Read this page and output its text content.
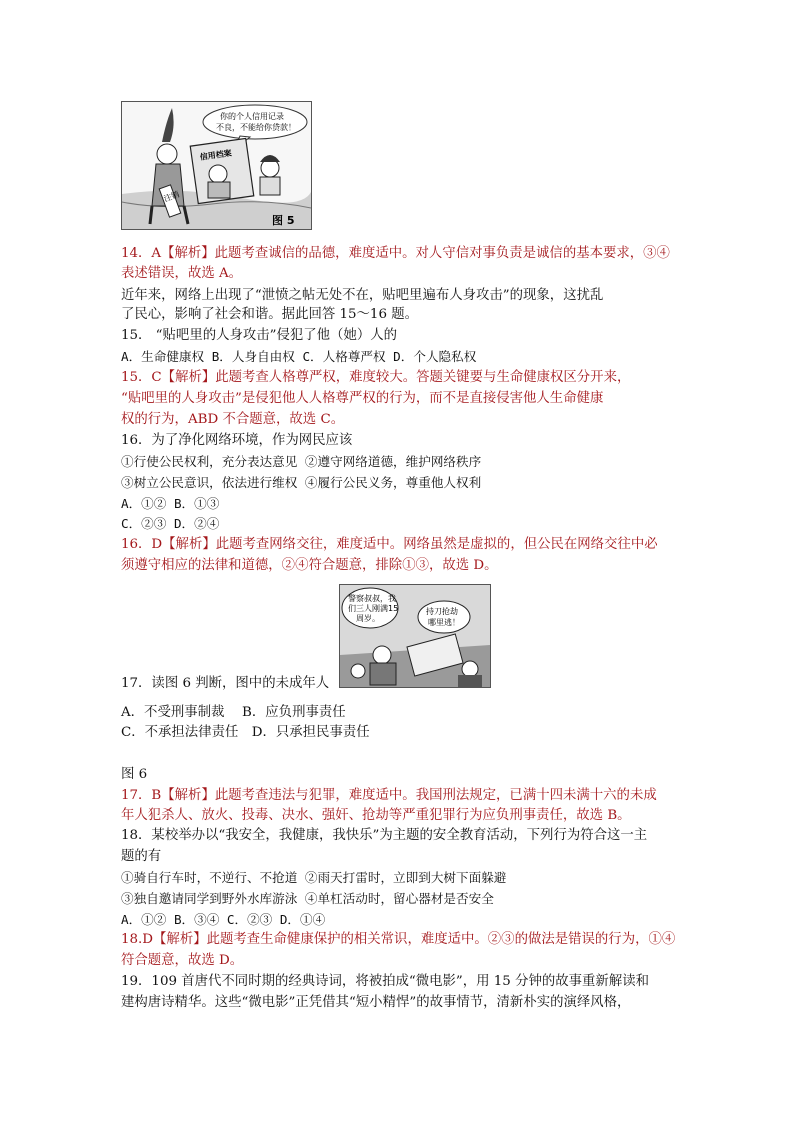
你的个人信用记录
不良，不能给你贷款！
信用档案
注销
图 5
14．A【解析】此题考查诚信的品德，难度适中。对人守信对事负责是诚信的基本要求，③④
表述错误，故选 A。
近年来，网络上出现了“泄愤之帖无处不在，贴吧里遍布人身攻击”的现象，这扰乱
了民心，影响了社会和谐。据此回答 15～16 题。
15． “贴吧里的人身攻击”侵犯了他（她）人的
A．生命健康权 B．人身自由权 C．人格尊严权 D．个人隐私权
15．C【解析】此题考查人格尊严权，难度较大。答题关键要与生命健康权区分开来，
“贴吧里的人身攻击”是侵犯他人人格尊严权的行为，而不是直接侵害他人生命健康
权的行为，ABD 不合题意，故选 C。
16．为了净化网络环境，作为网民应该
①行使公民权利，充分表达意见 ②遵守网络道德，维护网络秩序
③树立公民意识，依法进行维权 ④履行公民义务，尊重他人权利
A．①② B．①③
C．②③ D．②④
16．D【解析】此题考查网络交往，难度适中。网络虽然是虚拟的，但公民在网络交往中必
须遵守相应的法律和道德，②④符合题意，排除①③，故选 D。
警察叔叔，我
们三人刚满15
周岁。
持刀抢劫
哪里逃！
17．读图 6 判断，图中的未成年人
A．不受刑事制裁　 B．应负刑事责任
C．不承担法律责任　D．只承担民事责任
图 6
17．B【解析】此题考查违法与犯罪，难度适中。我国刑法规定，已满十四未满十六的未成
年人犯杀人、放火、投毒、决水、强奸、抢劫等严重犯罪行为应负刑事责任，故选 B。
18．某校举办以“我安全，我健康，我快乐”为主题的安全教育活动，下列行为符合这一主
题的有
①骑自行车时，不逆行、不抢道 ②雨天打雷时，立即到大树下面躲避
③独自邀请同学到野外水库游泳 ④单杠活动时，留心器材是否安全
A．①② B．③④ C．②③ D．①④
18.D【解析】此题考查生命健康保护的相关常识，难度适中。②③的做法是错误的行为，①④
符合题意，故选 D。
19．109 首唐代不同时期的经典诗词，将被拍成“微电影”，用 15 分钟的故事重新解读和
建构唐诗精华。这些“微电影”正凭借其“短小精悍”的故事情节，清新朴实的演绎风格，
